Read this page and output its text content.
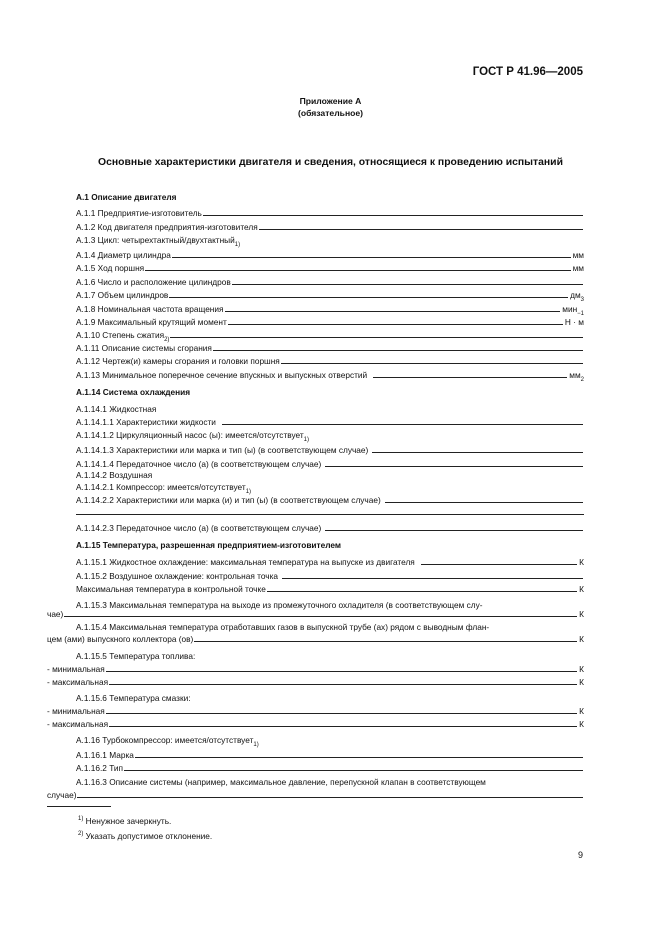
ГОСТ Р 41.96—2005
Приложение А
(обязательное)
Основные характеристики двигателя и сведения, относящиеся к проведению испытаний
А.1 Описание двигателя
А.1.1 Предприятие-изготовитель
А.1.2 Код двигателя предприятия-изготовителя
А.1.3 Цикл: четырехтактный/двухтактный 1)
А.1.4 Диаметр цилиндра	мм
А.1.5 Ход поршня	мм
А.1.6 Число и расположение цилиндров
А.1.7 Объем цилиндров	дм 3
А.1.8 Номинальная частота вращения	мин −1
А.1.9 Максимальный крутящий момент	Н · м
А.1.10 Степень сжатия 2)
А.1.11 Описание системы сгорания
А.1.12 Чертеж(и) камеры сгорания и головки поршня
А.1.13 Минимальное поперечное сечение впускных и выпускных отверстий	мм 2
А.1.14 Система охлаждения
А.1.14.1 Жидкостная
А.1.14.1.1 Характеристики жидкости
А.1.14.1.2 Циркуляционный насос (ы): имеется/отсутствует 1)
А.1.14.1.3 Характеристики или марка и тип (ы) (в соответствующем случае)
А.1.14.1.4 Передаточное число (а) (в соответствующем случае)
А.1.14.2 Воздушная
А.1.14.2.1 Компрессор: имеется/отсутствует 1)
А.1.14.2.2 Характеристики или марка (и) и тип (ы) (в соответствующем случае)
А.1.14.2.3 Передаточное число (а) (в соответствующем случае)
А.1.15 Температура, разрешенная предприятием-изготовителем
А.1.15.1 Жидкостное охлаждение: максимальная температура на выпуске из двигателя	К
А.1.15.2 Воздушное охлаждение: контрольная точка
Максимальная температура в контрольной точке	К
А.1.15.3 Максимальная температура на выходе из промежуточного охладителя (в соответствующем слу-
чае)	К
А.1.15.4 Максимальная температура отработавших газов в выпускной трубе (ах) рядом с выводным флан-
цем (ами) выпускного коллектора (ов)	К
А.1.15.5 Температура топлива:
- минимальная	К
- максимальная	К
А.1.15.6 Температура смазки:
- минимальная	К
- максимальная	К
А.1.16 Турбокомпрессор: имеется/отсутствует 1)
А.1.16.1 Марка
А.1.16.2 Тип
А.1.16.3 Описание системы (например, максимальное давление, перепускной клапан в соответствующем
случае)
$^{1)}$ Ненужное зачеркнуть.
$^{2)}$ Указать допустимое отклонение.
9
